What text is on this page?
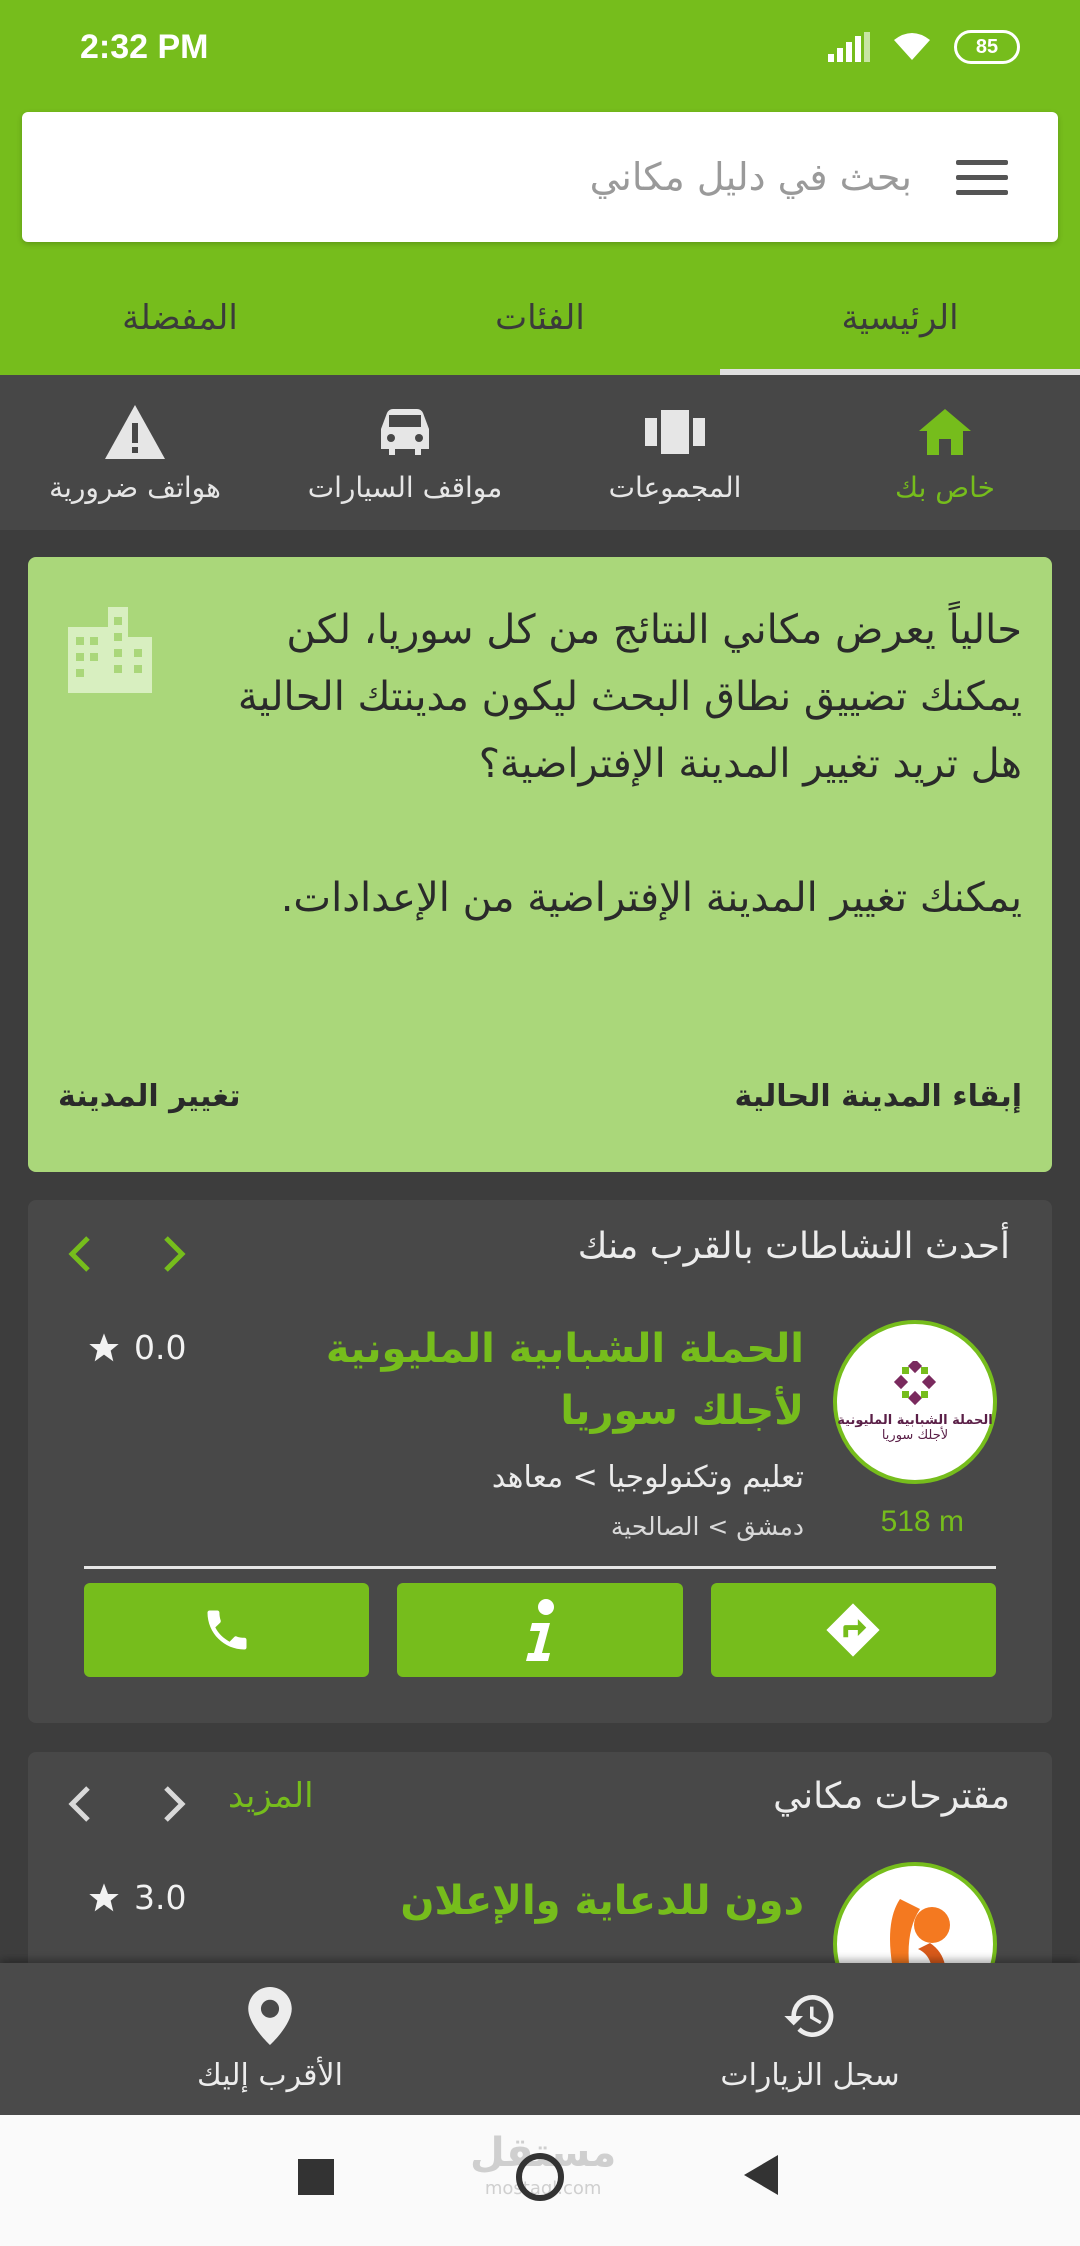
2:32 PM	85
بحث في دليل مكاني
الرئيسية
الفئات
المفضلة
خاص بك
المجموعات
مواقف السيارات
هواتف ضرورية
حالياً يعرض مكاني النتائج من كل سوريا، لكن يمكنك تضييق نطاق البحث ليكون مدينتك الحالية
هل تريد تغيير المدينة الإفتراضية؟

يمكنك تغيير المدينة الإفتراضية من الإعدادات.
إبقاء المدينة الحالية
تغيير المدينة
أحدث النشاطات بالقرب منك
الحملة الشبابية المليونية
لأجلك سوريا
الحملة الشبابية المليونية لأجلك سوريا
تعليم وتكنولوجيا > معاهد
دمشق > الصالحية
0.0
518 m
مقترحات مكاني
المزيد
دون للدعاية والإعلان
3.0
سجل الزيارات
الأقرب إليك
مستقل
mostaql.com
